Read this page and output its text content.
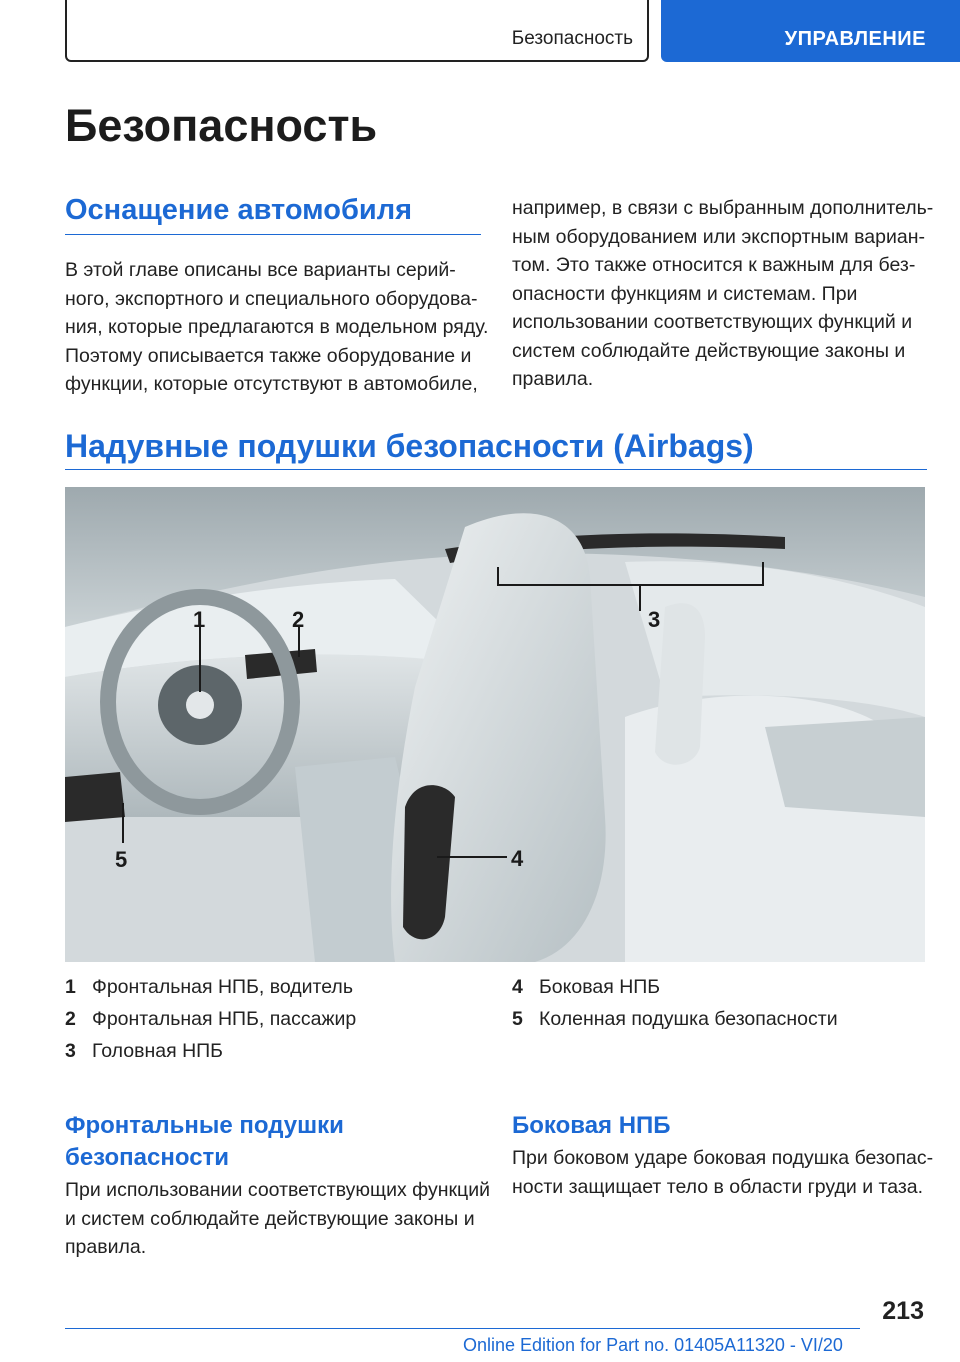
Безопасность	УПРАВЛЕНИЕ
Безопасность
Оснащение автомобиля
В этой главе описаны все варианты серий-
ного, экспортного и специального оборудова-
ния, которые предлагаются в модельном ряду.
Поэтому описывается также оборудование и
функции, которые отсутствуют в автомобиле,
например, в связи с выбранным дополнитель-
ным оборудованием или экспортным вариан-
том. Это также относится к важным для без-
опасности функциям и системам. При
использовании соответствующих функций и
систем соблюдайте действующие законы и
правила.
Надувные подушки безопасности (Airbags)
1	2	3
4
5
1 Фронтальная НПБ, водитель
2 Фронтальная НПБ, пассажир
3 Головная НПБ
4 Боковая НПБ
5 Коленная подушка безопасности
Фронтальные подушки
безопасности
При использовании соответствующих функций
и систем соблюдайте действующие законы и
правила.
Боковая НПБ
При боковом ударе боковая подушка безопас-
ности защищает тело в области груди и таза.
213
Online Edition for Part no. 01405A11320 - VI/20
